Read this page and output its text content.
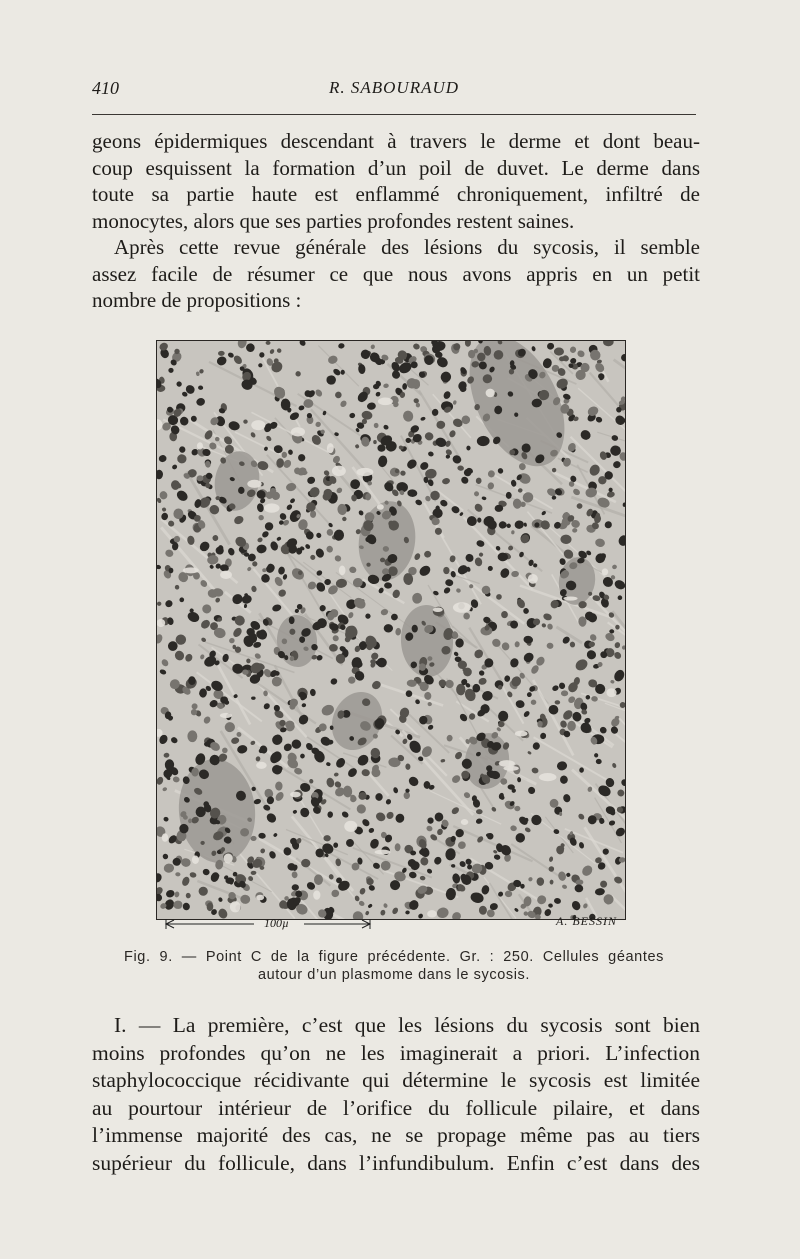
410	R. SABOURAUD

geons épidermiques descendant à travers le derme et dont beau-
coup esquissent la formation d’un poil de duvet. Le derme dans
toute sa partie haute est enflammé chroniquement, infiltré de
monocytes, alors que ses parties profondes restent saines.
Après cette revue générale des lésions du sycosis, il semble
assez facile de résumer ce que nous avons appris en un petit
nombre de propositions :

100µ	A. BESSIN
Fig. 9. — Point C de la figure précédente. Gr. : 250. Cellules géantes
autour d’un plasmome dans le sycosis.

I. — La première, c’est que les lésions du sycosis sont bien
moins profondes qu’on ne les imaginerait a priori. L’infection
staphylococcique récidivante qui détermine le sycosis est limitée
au pourtour intérieur de l’orifice du follicule pilaire, et dans
l’immense majorité des cas, ne se propage même pas au tiers
supérieur du follicule, dans l’infundibulum. Enfin c’est dans des
